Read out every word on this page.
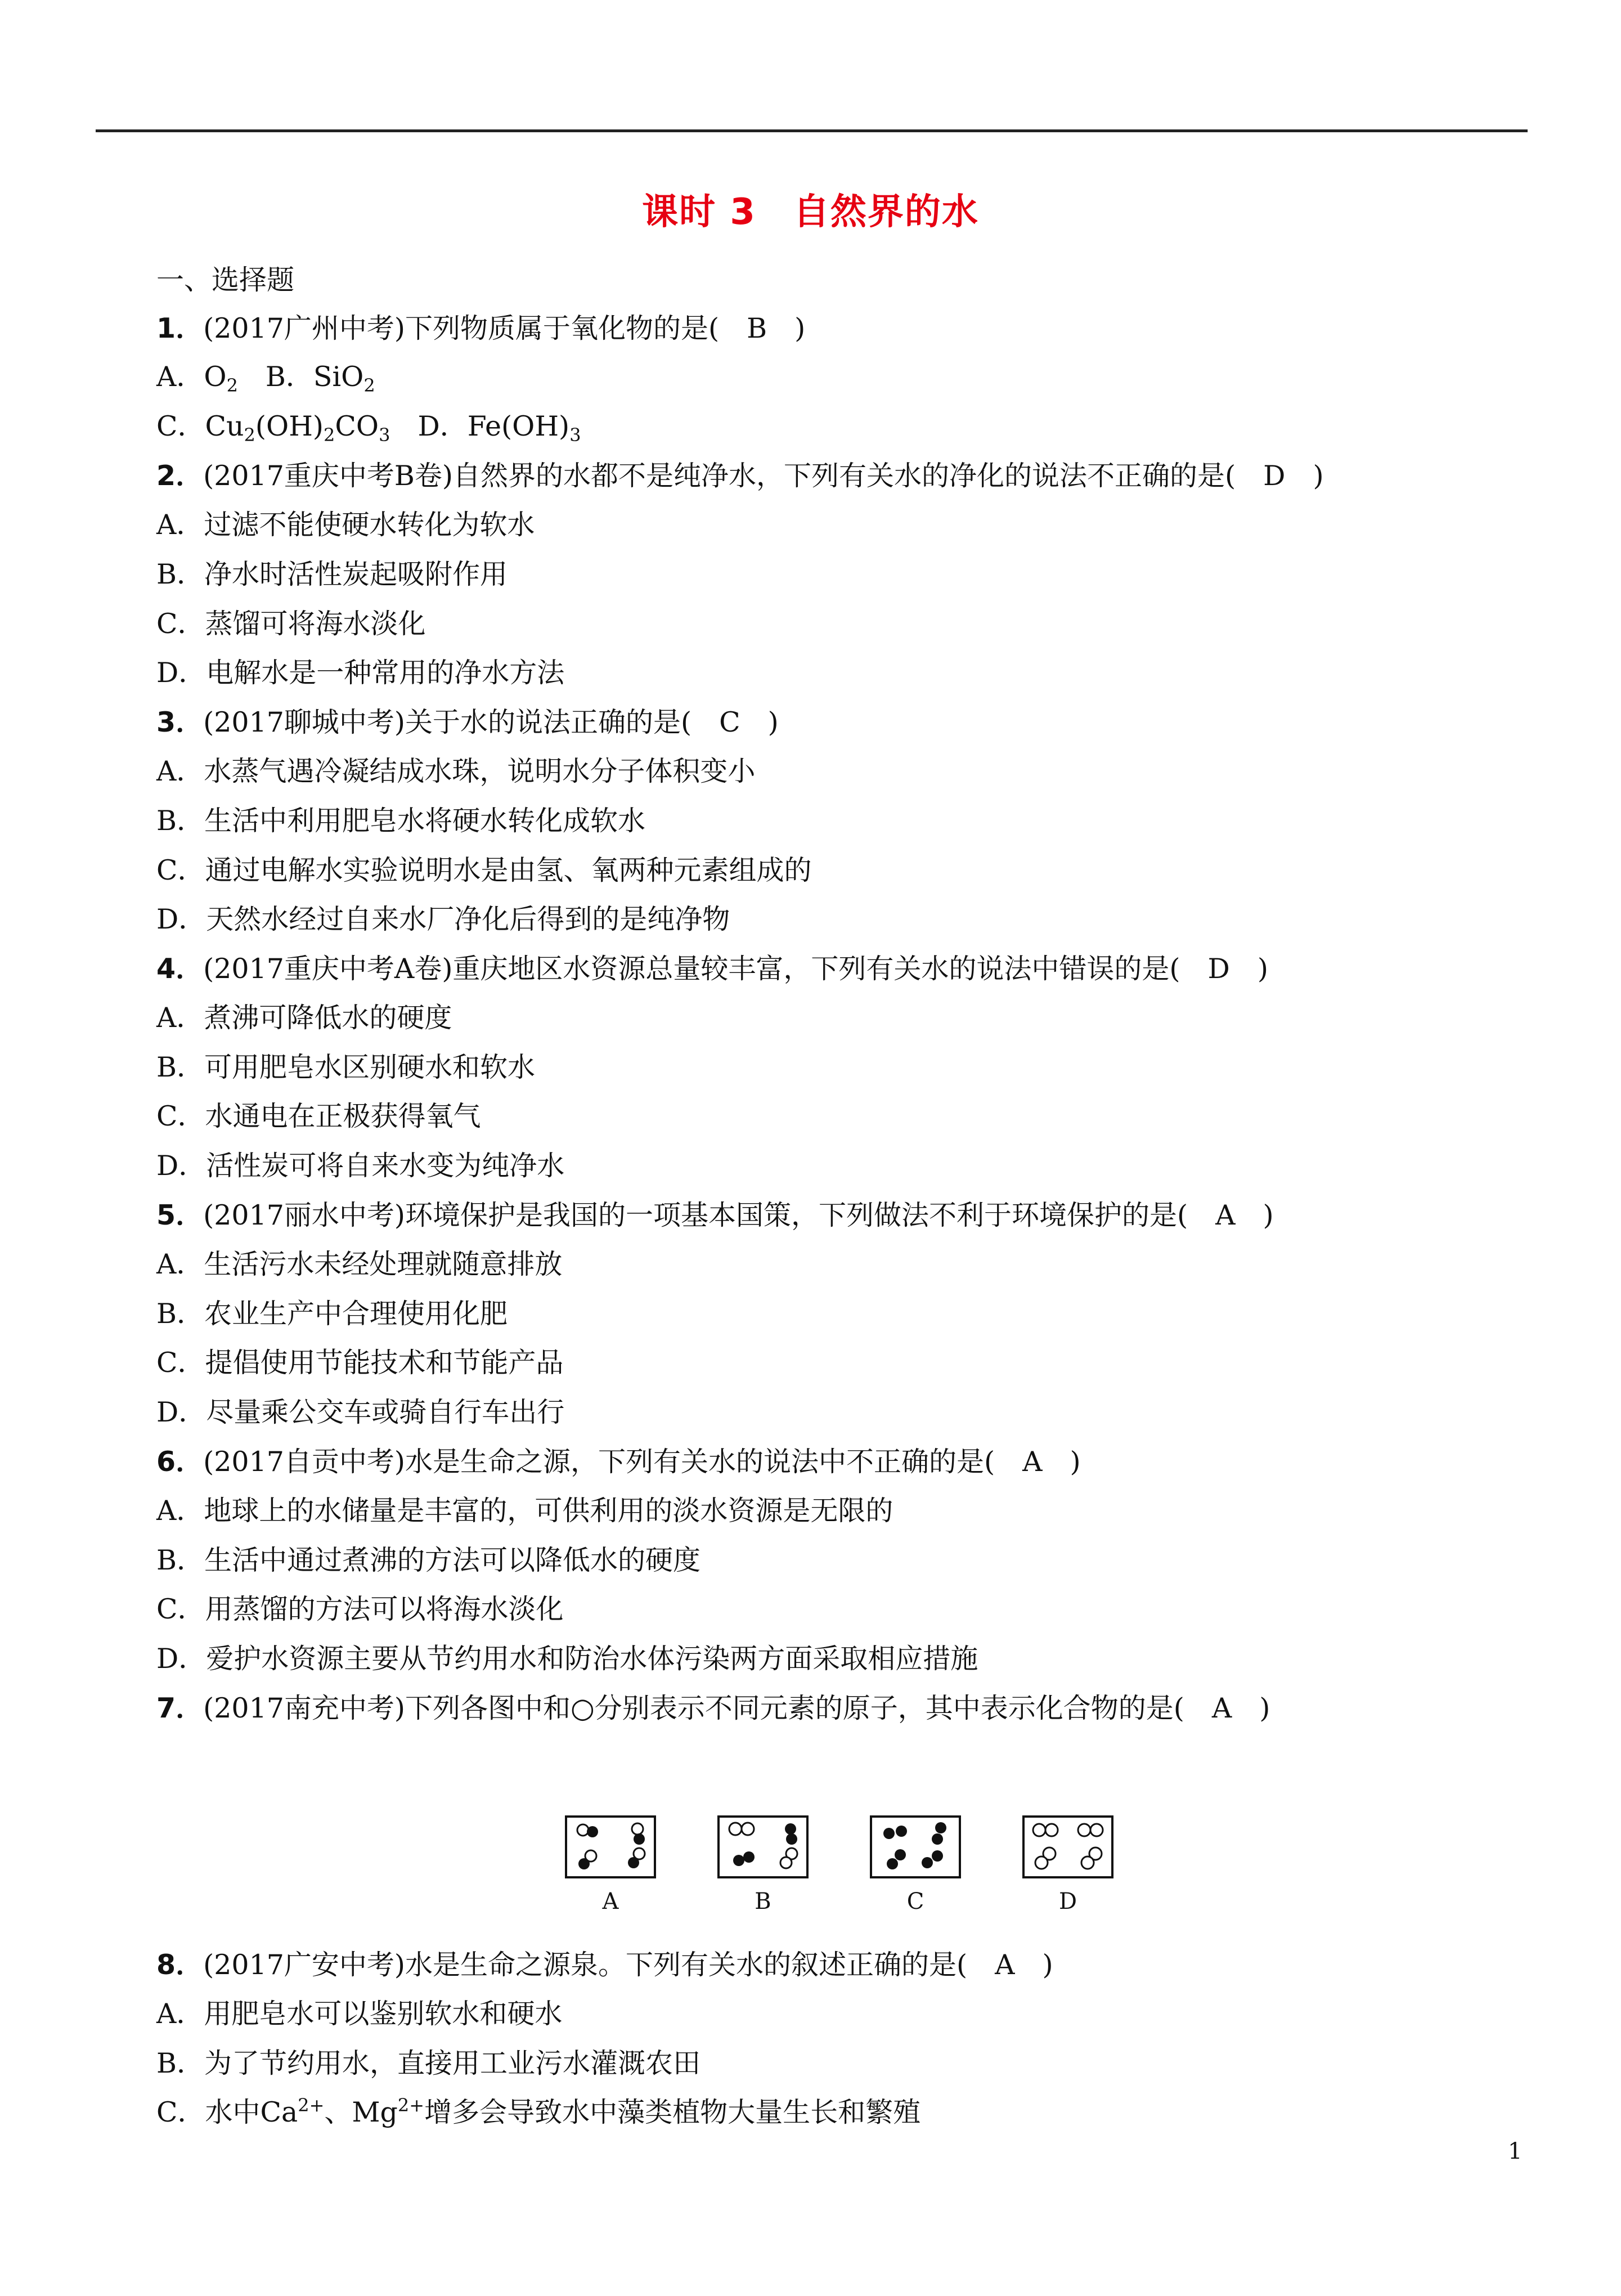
课时 3　自然界的水
一、选择题
1．(2017广州中考)下列物质属于氧化物的是(　B　)
A．$O_2$　B．SiO$_2$
C．$Cu_2(OH)_2CO_3$　D．$Fe(OH)_3$
2．(2017重庆中考B卷)自然界的水都不是纯净水，下列有关水的净化的说法不正确的是(　D　)
A．过滤不能使硬水转化为软水
B．净水时活性炭起吸附作用
C．蒸馏可将海水淡化
D．电解水是一种常用的净水方法
3．(2017聊城中考)关于水的说法正确的是(　C　)
A．水蒸气遇冷凝结成水珠，说明水分子体积变小
B．生活中利用肥皂水将硬水转化成软水
C．通过电解水实验说明水是由氢、氧两种元素组成的
D．天然水经过自来水厂净化后得到的是纯净物
4．(2017重庆中考A卷)重庆地区水资源总量较丰富，下列有关水的说法中错误的是(　D　)
A．煮沸可降低水的硬度
B．可用肥皂水区别硬水和软水
C．水通电在正极获得氧气
D．活性炭可将自来水变为纯净水
5．(2017丽水中考)环境保护是我国的一项基本国策，下列做法不利于环境保护的是(　A　)
A．生活污水未经处理就随意排放
B．农业生产中合理使用化肥
C．提倡使用节能技术和节能产品
D．尽量乘公交车或骑自行车出行
6．(2017自贡中考)水是生命之源，下列有关水的说法中不正确的是(　A　)
A．地球上的水储量是丰富的，可供利用的淡水资源是无限的
B．生活中通过煮沸的方法可以降低水的硬度
C．用蒸馏的方法可以将海水淡化
D．爱护水资源主要从节约用水和防治水体污染两方面采取相应措施
7．(2017南充中考)下列各图中和○分别表示不同元素的原子，其中表示化合物的是(　A　)
A	B	C	D
8．(2017广安中考)水是生命之源泉。下列有关水的叙述正确的是(　A　)
A．用肥皂水可以鉴别软水和硬水
B．为了节约用水，直接用工业污水灌溉农田
C．水中$Ca^{2+}$、$Mg^{2+}$增多会导致水中藻类植物大量生长和繁殖
1
